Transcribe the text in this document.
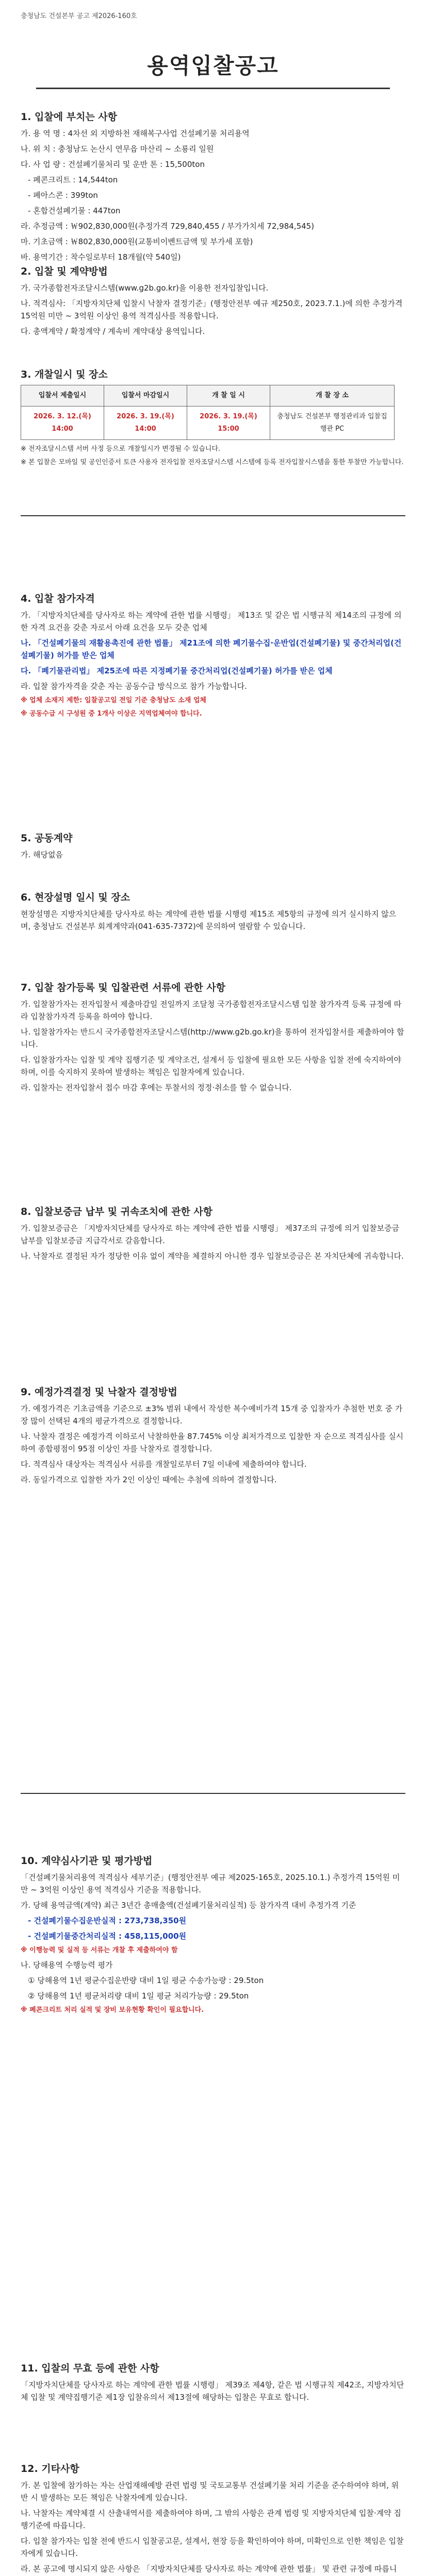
충청남도 건설본부 공고 제2026-160호
용역입찰공고
1. 입찰에 부치는 사항
가. 용 역 명 : 4차선 외 지방하천 재해복구사업 건설폐기물 처리용역
나. 위 치 : 충청남도 논산시 연무읍 마산리 ~ 소룡리 일원
다. 사 업 량 : 건설폐기물처리 및 운반 톤 : 15,500ton
- 폐콘크리트 : 14,544ton
- 폐아스콘 : 399ton
- 혼합건설폐기물 : 447ton
라. 추정금액 : ￦902,830,000원(추정가격 729,840,455 / 부가가치세 72,984,545)
마. 기초금액 : ￦802,830,000원(교통비이벤트금액 및 부가세 포함)
바. 용역기간 : 착수일로부터 18개월(약 540일)
2. 입찰 및 계약방법
가. 국가종합전자조달시스템(www.g2b.go.kr)을 이용한 전자입찰입니다.
나. 적격심사: 「지방자치단체 입찰시 낙찰자 결정기준」(행정안전부 예규 제250호, 2023.7.1.)에 의한 추정가격 15억원 미만 ~ 3억원 이상인 용역 적격심사를 적용합니다.
다. 총액계약 / 확정계약 / 계속비 계약대상 용역입니다.
3. 개찰일시 및 장소
입찰서 제출일시	입찰서 마감일시	개 찰 일 시	개 찰 장 소
2026. 3. 12.(목) 14:00	2026. 3. 19.(목) 14:00	2026. 3. 19.(목) 15:00	충청남도 건설본부 행정관리과 입찰집행관 PC
※ 전자조달시스템 서버 사정 등으로 개찰일시가 변경될 수 있습니다.
※ 본 입찰은 모바일 및 공인인증서 토큰 사용자 전자입찰 전자조달시스템 시스템에 등록 전자입찰시스템을 통한 투찰만 가능합니다.
4. 입찰 참가자격
가. 「지방자치단체를 당사자로 하는 계약에 관한 법률 시행령」 제13조 및 같은 법 시행규칙 제14조의 규정에 의한 자격 요건을 갖춘 자로서 아래 요건을 모두 갖춘 업체
나. 「건설폐기물의 재활용촉진에 관한 법률」 제21조에 의한 폐기물수집·운반업(건설폐기물) 및 중간처리업(건설폐기물) 허가를 받은 업체
다. 「폐기물관리법」 제25조에 따른 지정폐기물 중간처리업(건설폐기물) 허가를 받은 업체
라. 입찰 참가자격을 갖춘 자는 공동수급 방식으로 참가 가능합니다.
※ 업체 소재지 제한: 입찰공고일 전일 기준 충청남도 소재 업체
※ 공동수급 시 구성원 중 1개사 이상은 지역업체여야 합니다.
5. 공동계약
가. 해당없음
6. 현장설명 일시 및 장소
현장설명은 지방자치단체를 당사자로 하는 계약에 관한 법률 시행령 제15조 제5항의 규정에 의거 실시하지 않으며, 충청남도 건설본부 회계계약과(041-635-7372)에 문의하여 열람할 수 있습니다.
7. 입찰 참가등록 및 입찰관련 서류에 관한 사항
가. 입찰참가자는 전자입찰서 제출마감일 전일까지 조달청 국가종합전자조달시스템 입찰 참가자격 등록 규정에 따라 입찰참가자격 등록을 하여야 합니다.
나. 입찰참가자는 반드시 국가종합전자조달시스템(http://www.g2b.go.kr)을 통하여 전자입찰서를 제출하여야 합니다.
다. 입찰참가자는 입찰 및 계약 집행기준 및 계약조건, 설계서 등 입찰에 필요한 모든 사항을 입찰 전에 숙지하여야 하며, 이를 숙지하지 못하여 발생하는 책임은 입찰자에게 있습니다.
라. 입찰자는 전자입찰서 접수 마감 후에는 투찰서의 정정·취소를 할 수 없습니다.
8. 입찰보증금 납부 및 귀속조치에 관한 사항
가. 입찰보증금은 「지방자치단체를 당사자로 하는 계약에 관한 법률 시행령」 제37조의 규정에 의거 입찰보증금 납부를 입찰보증금 지급각서로 갈음합니다.
나. 낙찰자로 결정된 자가 정당한 이유 없이 계약을 체결하지 아니한 경우 입찰보증금은 본 자치단체에 귀속합니다.
9. 예정가격결정 및 낙찰자 결정방법
가. 예정가격은 기초금액을 기준으로 ±3% 범위 내에서 작성한 복수예비가격 15개 중 입찰자가 추첨한 번호 중 가장 많이 선택된 4개의 평균가격으로 결정합니다.
나. 낙찰자 결정은 예정가격 이하로서 낙찰하한율 87.745% 이상 최저가격으로 입찰한 자 순으로 적격심사를 실시하여 종합평점이 95점 이상인 자를 낙찰자로 결정합니다.
다. 적격심사 대상자는 적격심사 서류를 개찰일로부터 7일 이내에 제출하여야 합니다.
라. 동일가격으로 입찰한 자가 2인 이상인 때에는 추첨에 의하여 결정합니다.
10. 계약심사기관 및 평가방법
「건설폐기물처리용역 적격심사 세부기준」(행정안전부 예규 제2025-165호, 2025.10.1.) 추정가격 15억원 미만 ~ 3억원 이상인 용역 적격심사 기준을 적용합니다.
가. 당해 용역금액(계약) 최근 3년간 총매출액(건설폐기물처리실적) 등 참가자격 대비 추정가격 기준
- 건설폐기물수집운반실적 : 273,738,350원
- 건설폐기물중간처리실적 : 458,115,000원
※ 이행능력 및 실적 등 서류는 개찰 후 제출하여야 함
나. 당해용역 수행능력 평가
① 당해용역 1년 평균수집운반량 대비 1일 평균 수송가능량 : 29.5ton
② 당해용역 1년 평균처리량 대비 1일 평균 처리가능량 : 29.5ton
※ 폐콘크리트 처리 실적 및 장비 보유현황 확인이 필요합니다.
11. 입찰의 무효 등에 관한 사항
「지방자치단체를 당사자로 하는 계약에 관한 법률 시행령」 제39조 제4항, 같은 법 시행규칙 제42조, 지방자치단체 입찰 및 계약집행기준 제1장 입찰유의서 제13절에 해당하는 입찰은 무효로 합니다.
12. 기타사항
가. 본 입찰에 참가하는 자는 산업재해예방 관련 법령 및 국토교통부 건설폐기물 처리 기준을 준수하여야 하며, 위반 시 발생하는 모든 책임은 낙찰자에게 있습니다.
나. 낙찰자는 계약체결 시 산출내역서를 제출하여야 하며, 그 밖의 사항은 관계 법령 및 지방자치단체 입찰·계약 집행기준에 따릅니다.
다. 입찰 참가자는 입찰 전에 반드시 입찰공고문, 설계서, 현장 등을 확인하여야 하며, 미확인으로 인한 책임은 입찰자에게 있습니다.
라. 본 공고에 명시되지 않은 사항은 「지방자치단체를 당사자로 하는 계약에 관한 법률」 및 관련 규정에 따릅니
